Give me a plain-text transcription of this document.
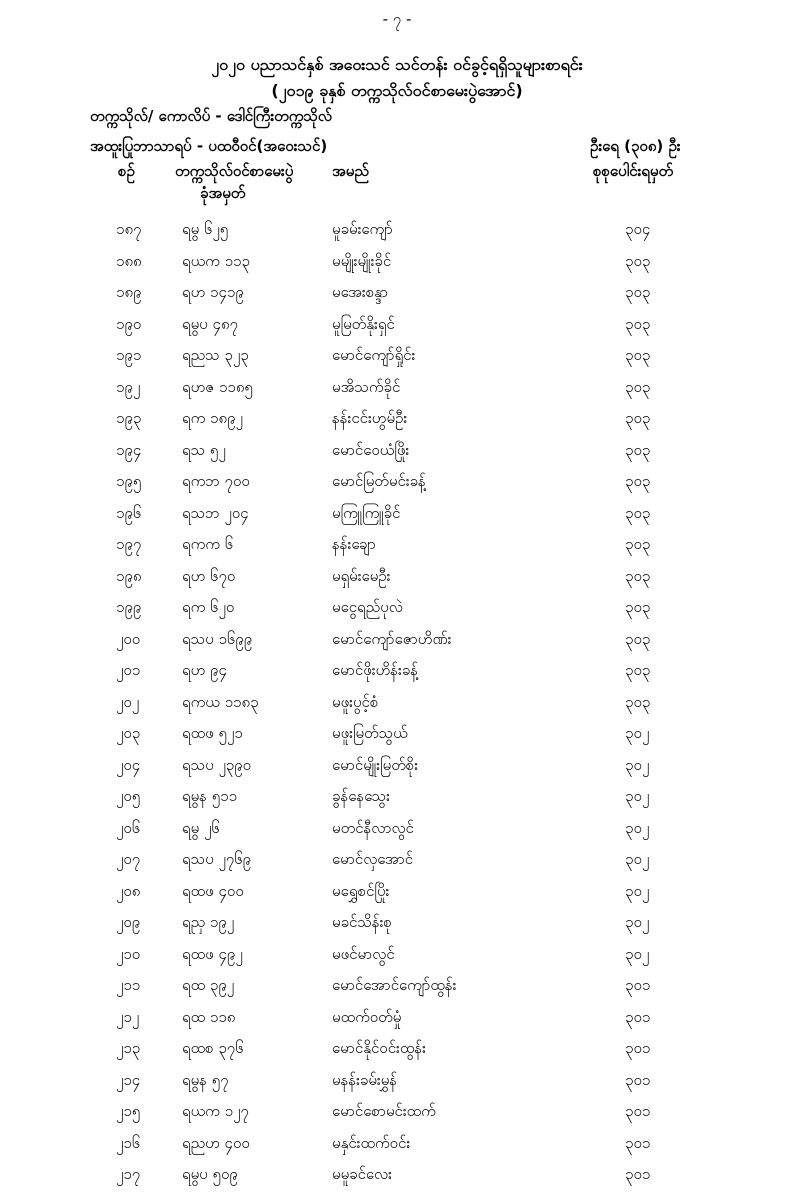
- ၇ -
၂၀၂၀ ပညာသင်နှစ် အဝေးသင် သင်တန်း ဝင်ခွင့်ရရှိသူများစာရင်း
(၂၀၁၉ ခုနှစ် တက္ကသိုလ်ဝင်စာမေးပွဲအောင်)
တက္ကသိုလ်/ ကောလိပ် - ဒေါင်ကြီးတက္ကသိုလ်
အထူးပြုဘာသာရပ် - ပထဝီဝင်(အဝေးသင်)	ဦးရေ (၃၀၈) ဦး
စဉ်	တက္ကသိုလ်ဝင်စာမေးပွဲ
ခုံအမှတ်
အမည်	စုစုပေါင်းရမှတ်
၁၈၇	ရမွ ၆၂၅	မူခမ်းကျော်	၃၀၄
၁၈၈	ရယက ၁၁၃	မမျိုးမျိုးခိုင်	၃၀၃
၁၈၉	ရဟ ၁၄၁၉	မအေးစန္ဒာ	၃၀၃
၁၉၀	ရမွပ ၄၈၇	မူမြတ်နိုးရှင်	၃၀၃
၁၉၁	ရညသ ၃၂၃	မောင်ကျော်ရှိုင်း	၃၀၃
၁၉၂	ရဟဇ ၁၁၈၅	မအိသက်ခိုင်	၃၀၃
၁၉၃	ရက ၁၈၉၂	နန်းငင်းဟွမ်ဦး	၃၀၃
၁၉၄	ရသ ၅၂	မောင်ဝေယံဖြိုး	၃၀၃
၁၉၅	ရကဘ ၇၀၀	မောင်မြတ်မင်းခန့်	၃၀၃
၁၉၆	ရသဘ ၂၀၄	မကြူကြူခိုင်	၃၀၃
၁၉၇	ရကက ၆	နန်းချော	၃၀၃
၁၉၈	ရဟ ၆၇၀	မရှမ်းမေဦး	၃၀၃
၁၉၉	ရက ၆၂၀	မငွေရည်ပုလဲ	၃၀၃
၂၀၀	ရသပ ၁၆၉၉	မောင်ကျော်ဇောဟိဏ်း	၃၀၃
၂၀၁	ရဟ ၉၄	မောင်ဖိုးဟိန်းခန့်	၃၀၃
၂၀၂	ရကယ ၁၁၈၃	မဖူးပွင့်စံ	၃၀၃
၂၀၃	ရထဖ ၅၂၁	မဖူးမြတ်သွယ်	၃၀၂
၂၀၄	ရသပ ၂၃၉၀	မောင်မျိုးမြတ်စိုး	၃၀၂
၂၀၅	ရမွန ၅၁၁	ခွန်နေသွေး	၃၀၂
၂၀၆	ရမွ ၂၆	မတင်နီလာလွင်	၃၀၂
၂၀၇	ရသပ ၂၇၆၉	မောင်လှအောင်	၃၀၂
၂၀၈	ရထဖ ၄၀၀	မရွှေစင်ပြိုး	၃၀၂
၂၀၉	ရညှ ၁၉၂	မခင်သိန်းစု	၃၀၂
၂၁၀	ရထဖ ၄၉၂	မဖင်မာလွင်	၃၀၂
၂၁၁	ရထ ၃၉၂	မောင်အောင်ကျော်ထွန်း	၃၀၁
၂၁၂	ရထ ၁၁၈	မထက်ဝတ်မှုံ	၃၀၁
၂၁၃	ရထစ ၃၇၆	မောင်နိုင်ဝင်းထွန်း	၃၀၁
၂၁၄	ရမွန ၅၇	မနန်းခမ်းမွှန်	၃၀၁
၂၁၅	ရယက ၁၂၇	မောင်စောမင်းထက်	၃၀၁
၂၁၆	ရညဟ ၄၀၀	မနှင်းထက်ဝင်း	၃၀၁
၂၁၇	ရမွပ ၅၀၉	မမူခင်လေး	၃၀၁
